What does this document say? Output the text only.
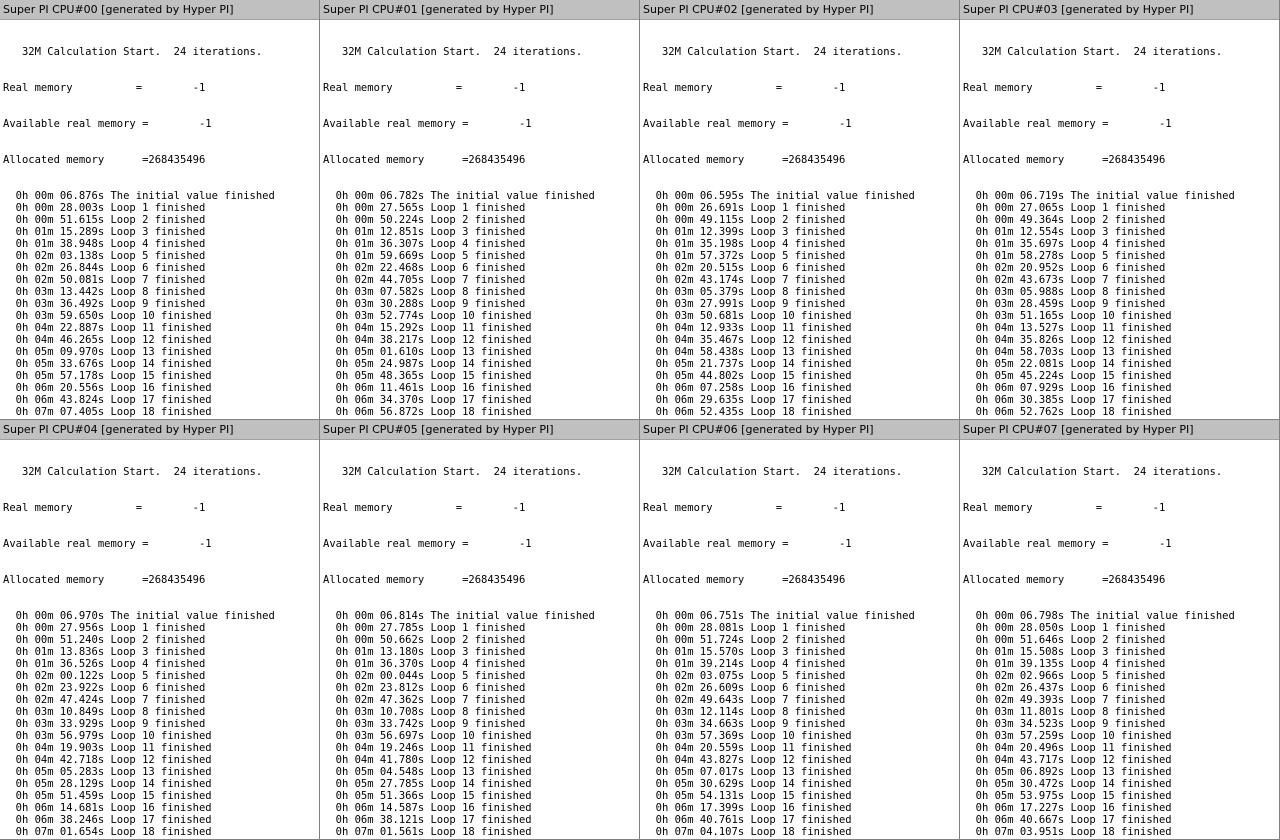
Super PI CPU#00 [generated by Hyper PI]

32M Calculation Start.  24 iterations.

Real memory          =        -1

Available real memory =        -1

Allocated memory      =268435496

0h 00m 06.876s The initial value finished
0h 00m 28.003s Loop 1 finished
0h 00m 51.615s Loop 2 finished
0h 01m 15.289s Loop 3 finished
0h 01m 38.948s Loop 4 finished
0h 02m 03.138s Loop 5 finished
0h 02m 26.844s Loop 6 finished
0h 02m 50.081s Loop 7 finished
0h 03m 13.442s Loop 8 finished
0h 03m 36.492s Loop 9 finished
0h 03m 59.650s Loop 10 finished
0h 04m 22.887s Loop 11 finished
0h 04m 46.265s Loop 12 finished
0h 05m 09.970s Loop 13 finished
0h 05m 33.676s Loop 14 finished
0h 05m 57.178s Loop 15 finished
0h 06m 20.556s Loop 16 finished
0h 06m 43.824s Loop 17 finished
0h 07m 07.405s Loop 18 finished

Super PI CPU#01 [generated by Hyper PI]

32M Calculation Start.  24 iterations.

Real memory          =        -1

Available real memory =        -1

Allocated memory      =268435496

0h 00m 06.782s The initial value finished
0h 00m 27.565s Loop 1 finished
0h 00m 50.224s Loop 2 finished
0h 01m 12.851s Loop 3 finished
0h 01m 36.307s Loop 4 finished
0h 01m 59.669s Loop 5 finished
0h 02m 22.468s Loop 6 finished
0h 02m 44.705s Loop 7 finished
0h 03m 07.582s Loop 8 finished
0h 03m 30.288s Loop 9 finished
0h 03m 52.774s Loop 10 finished
0h 04m 15.292s Loop 11 finished
0h 04m 38.217s Loop 12 finished
0h 05m 01.610s Loop 13 finished
0h 05m 24.987s Loop 14 finished
0h 05m 48.365s Loop 15 finished
0h 06m 11.461s Loop 16 finished
0h 06m 34.370s Loop 17 finished
0h 06m 56.872s Loop 18 finished

Super PI CPU#02 [generated by Hyper PI]

32M Calculation Start.  24 iterations.

Real memory          =        -1

Available real memory =        -1

Allocated memory      =268435496

0h 00m 06.595s The initial value finished
0h 00m 26.691s Loop 1 finished
0h 00m 49.115s Loop 2 finished
0h 01m 12.399s Loop 3 finished
0h 01m 35.198s Loop 4 finished
0h 01m 57.372s Loop 5 finished
0h 02m 20.515s Loop 6 finished
0h 02m 43.174s Loop 7 finished
0h 03m 05.379s Loop 8 finished
0h 03m 27.991s Loop 9 finished
0h 03m 50.681s Loop 10 finished
0h 04m 12.933s Loop 11 finished
0h 04m 35.467s Loop 12 finished
0h 04m 58.438s Loop 13 finished
0h 05m 21.737s Loop 14 finished
0h 05m 44.802s Loop 15 finished
0h 06m 07.258s Loop 16 finished
0h 06m 29.635s Loop 17 finished
0h 06m 52.435s Loop 18 finished

Super PI CPU#03 [generated by Hyper PI]

32M Calculation Start.  24 iterations.

Real memory          =        -1

Available real memory =        -1

Allocated memory      =268435496

0h 00m 06.719s The initial value finished
0h 00m 27.065s Loop 1 finished
0h 00m 49.364s Loop 2 finished
0h 01m 12.554s Loop 3 finished
0h 01m 35.697s Loop 4 finished
0h 01m 58.278s Loop 5 finished
0h 02m 20.952s Loop 6 finished
0h 02m 43.673s Loop 7 finished
0h 03m 05.988s Loop 8 finished
0h 03m 28.459s Loop 9 finished
0h 03m 51.165s Loop 10 finished
0h 04m 13.527s Loop 11 finished
0h 04m 35.826s Loop 12 finished
0h 04m 58.703s Loop 13 finished
0h 05m 22.081s Loop 14 finished
0h 05m 45.224s Loop 15 finished
0h 06m 07.929s Loop 16 finished
0h 06m 30.385s Loop 17 finished
0h 06m 52.762s Loop 18 finished

Super PI CPU#04 [generated by Hyper PI]

32M Calculation Start.  24 iterations.

Real memory          =        -1

Available real memory =        -1

Allocated memory      =268435496

0h 00m 06.970s The initial value finished
0h 00m 27.956s Loop 1 finished
0h 00m 51.240s Loop 2 finished
0h 01m 13.836s Loop 3 finished
0h 01m 36.526s Loop 4 finished
0h 02m 00.122s Loop 5 finished
0h 02m 23.922s Loop 6 finished
0h 02m 47.424s Loop 7 finished
0h 03m 10.849s Loop 8 finished
0h 03m 33.929s Loop 9 finished
0h 03m 56.979s Loop 10 finished
0h 04m 19.903s Loop 11 finished
0h 04m 42.718s Loop 12 finished
0h 05m 05.283s Loop 13 finished
0h 05m 28.129s Loop 14 finished
0h 05m 51.459s Loop 15 finished
0h 06m 14.681s Loop 16 finished
0h 06m 38.246s Loop 17 finished
0h 07m 01.654s Loop 18 finished

Super PI CPU#05 [generated by Hyper PI]

32M Calculation Start.  24 iterations.

Real memory          =        -1

Available real memory =        -1

Allocated memory      =268435496

0h 00m 06.814s The initial value finished
0h 00m 27.785s Loop 1 finished
0h 00m 50.662s Loop 2 finished
0h 01m 13.180s Loop 3 finished
0h 01m 36.370s Loop 4 finished
0h 02m 00.044s Loop 5 finished
0h 02m 23.812s Loop 6 finished
0h 02m 47.362s Loop 7 finished
0h 03m 10.708s Loop 8 finished
0h 03m 33.742s Loop 9 finished
0h 03m 56.697s Loop 10 finished
0h 04m 19.246s Loop 11 finished
0h 04m 41.780s Loop 12 finished
0h 05m 04.548s Loop 13 finished
0h 05m 27.785s Loop 14 finished
0h 05m 51.366s Loop 15 finished
0h 06m 14.587s Loop 16 finished
0h 06m 38.121s Loop 17 finished
0h 07m 01.561s Loop 18 finished

Super PI CPU#06 [generated by Hyper PI]

32M Calculation Start.  24 iterations.

Real memory          =        -1

Available real memory =        -1

Allocated memory      =268435496

0h 00m 06.751s The initial value finished
0h 00m 28.081s Loop 1 finished
0h 00m 51.724s Loop 2 finished
0h 01m 15.570s Loop 3 finished
0h 01m 39.214s Loop 4 finished
0h 02m 03.075s Loop 5 finished
0h 02m 26.609s Loop 6 finished
0h 02m 49.643s Loop 7 finished
0h 03m 12.114s Loop 8 finished
0h 03m 34.663s Loop 9 finished
0h 03m 57.369s Loop 10 finished
0h 04m 20.559s Loop 11 finished
0h 04m 43.827s Loop 12 finished
0h 05m 07.017s Loop 13 finished
0h 05m 30.629s Loop 14 finished
0h 05m 54.131s Loop 15 finished
0h 06m 17.399s Loop 16 finished
0h 06m 40.761s Loop 17 finished
0h 07m 04.107s Loop 18 finished

Super PI CPU#07 [generated by Hyper PI]

32M Calculation Start.  24 iterations.

Real memory          =        -1

Available real memory =        -1

Allocated memory      =268435496

0h 00m 06.798s The initial value finished
0h 00m 28.050s Loop 1 finished
0h 00m 51.646s Loop 2 finished
0h 01m 15.508s Loop 3 finished
0h 01m 39.135s Loop 4 finished
0h 02m 02.966s Loop 5 finished
0h 02m 26.437s Loop 6 finished
0h 02m 49.393s Loop 7 finished
0h 03m 11.801s Loop 8 finished
0h 03m 34.523s Loop 9 finished
0h 03m 57.259s Loop 10 finished
0h 04m 20.496s Loop 11 finished
0h 04m 43.717s Loop 12 finished
0h 05m 06.892s Loop 13 finished
0h 05m 30.472s Loop 14 finished
0h 05m 53.975s Loop 15 finished
0h 06m 17.227s Loop 16 finished
0h 06m 40.667s Loop 17 finished
0h 07m 03.951s Loop 18 finished
